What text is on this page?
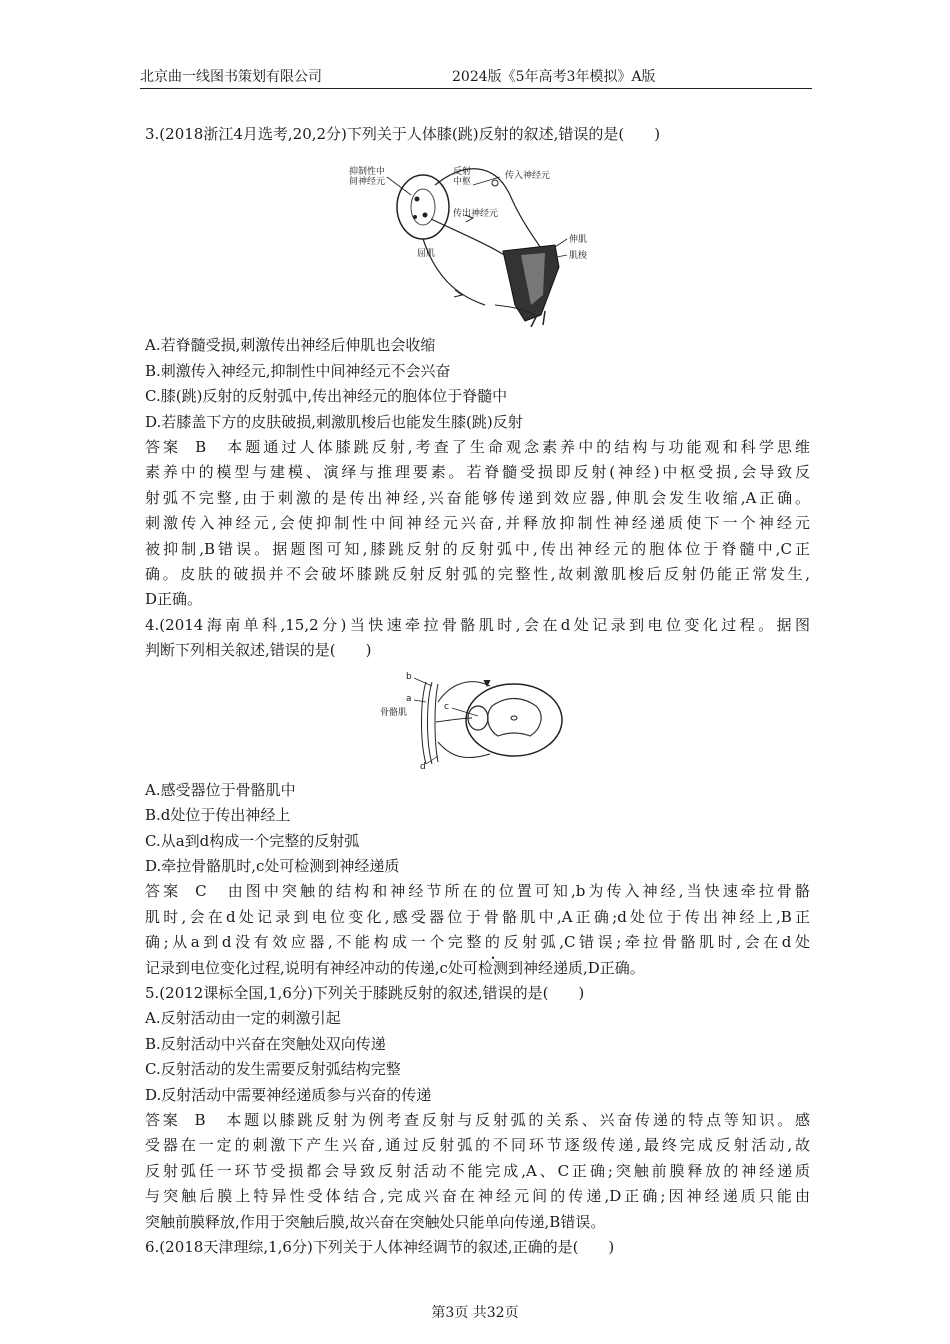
北京曲一线图书策划有限公司	2024版《5年高考3年模拟》A版

3.(2018浙江4月选考,20,2分)下列关于人体膝(跳)反射的叙述,错误的是(　　)

抑制性中
间神经元
反射
中枢
传入神经元
传出神经元
屈肌
伸肌
肌梭

A.若脊髓受损,刺激传出神经后伸肌也会收缩

B.刺激传入神经元,抑制性中间神经元不会兴奋

C.膝(跳)反射的反射弧中,传出神经元的胞体位于脊髓中

D.若膝盖下方的皮肤破损,刺激肌梭后也能发生膝(跳)反射

答案 B 本题通过人体膝跳反射,考查了生命观念素养中的结构与功能观和科学思维

素养中的模型与建模、演绎与推理要素。若脊髓受损即反射(神经)中枢受损,会导致反

射弧不完整,由于刺激的是传出神经,兴奋能够传递到效应器,伸肌会发生收缩,A正确。

刺激传入神经元,会使抑制性中间神经元兴奋,并释放抑制性神经递质使下一个神经元

被抑制,B错误。据题图可知,膝跳反射的反射弧中,传出神经元的胞体位于脊髓中,C正

确。皮肤的破损并不会破坏膝跳反射反射弧的完整性,故刺激肌梭后反射仍能正常发生,

D正确。

4.(2014海南单科,15,2分)当快速牵拉骨骼肌时,会在d处记录到电位变化过程。据图

判断下列相关叙述,错误的是(　　)

b
a
c
d
骨骼肌

A.感受器位于骨骼肌中

B.d处位于传出神经上

C.从a到d构成一个完整的反射弧

D.牵拉骨骼肌时,c处可检测到神经递质

答案 C 由图中突触的结构和神经节所在的位置可知,b为传入神经,当快速牵拉骨骼

肌时,会在d处记录到电位变化,感受器位于骨骼肌中,A正确;d处位于传出神经上,B正

确;从a到d没有效应器,不能构成一个完整的反射弧,C错误;牵拉骨骼肌时,会在d处

记录到电位变化过程,说明有神经冲动的传递,c处可检测到神经递质,D正确。

5.(2012课标全国,1,6分)下列关于膝跳反射的叙述,错误的是(　　)

A.反射活动由一定的刺激引起

B.反射活动中兴奋在突触处双向传递

C.反射活动的发生需要反射弧结构完整

D.反射活动中需要神经递质参与兴奋的传递

答案 B 本题以膝跳反射为例考查反射与反射弧的关系、兴奋传递的特点等知识。感

受器在一定的刺激下产生兴奋,通过反射弧的不同环节逐级传递,最终完成反射活动,故

反射弧任一环节受损都会导致反射活动不能完成,A、C正确;突触前膜释放的神经递质

与突触后膜上特异性受体结合,完成兴奋在神经元间的传递,D正确;因神经递质只能由

突触前膜释放,作用于突触后膜,故兴奋在突触处只能单向传递,B错误。

6.(2018天津理综,1,6分)下列关于人体神经调节的叙述,正确的是(　　)

第3页 共32页
